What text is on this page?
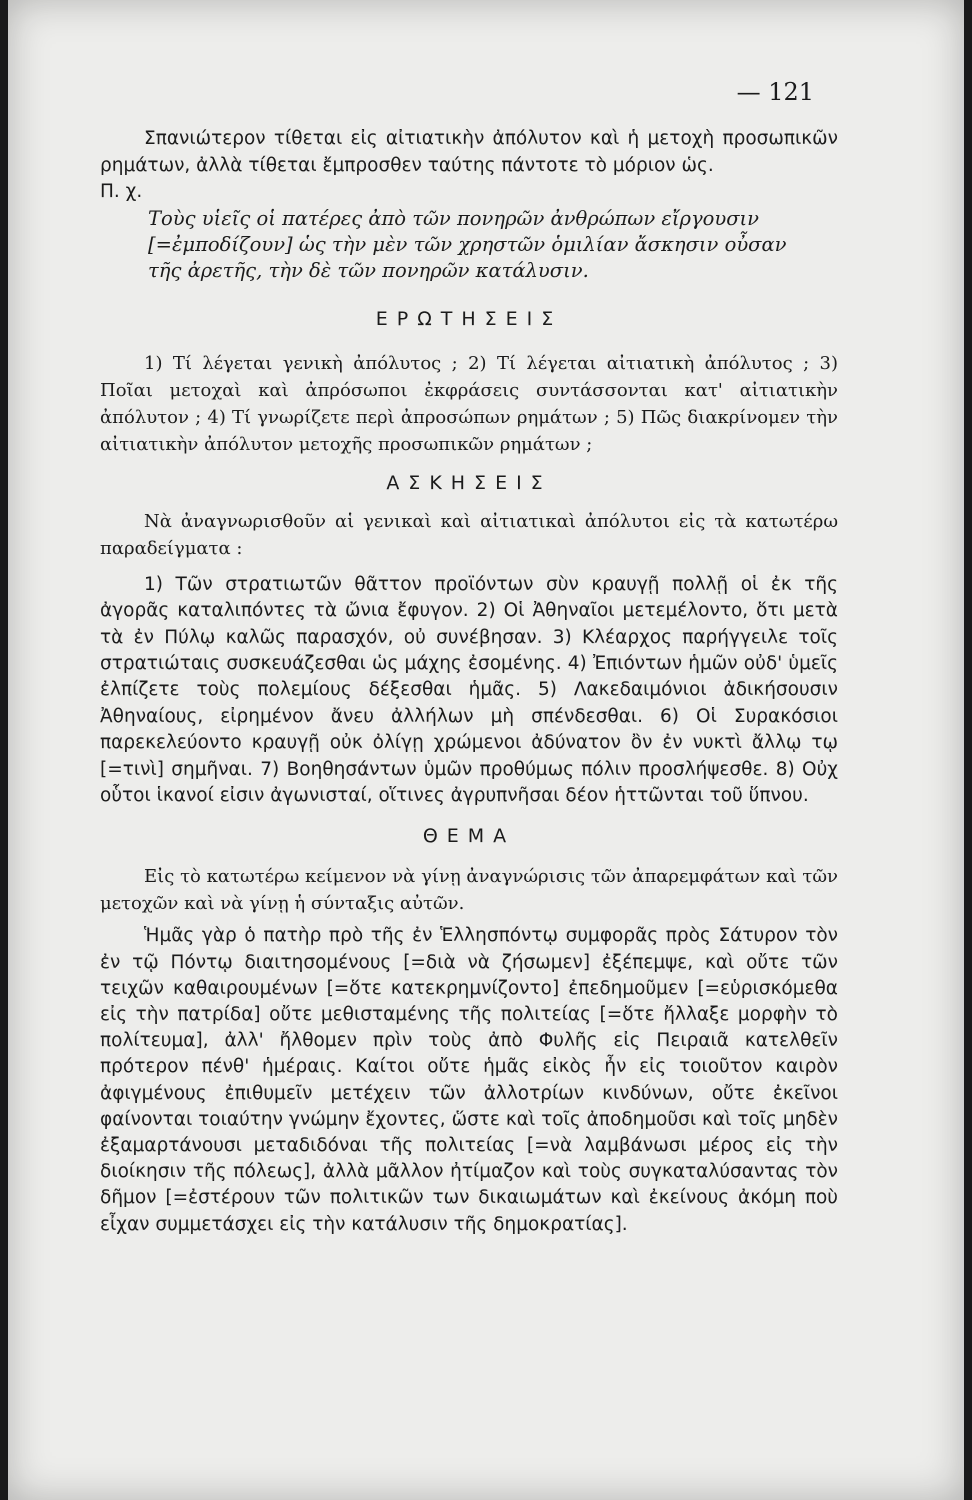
— 121

Σπανιώτερον τίθεται εἰς αἰτιατικὴν ἀπόλυτον καὶ ἡ μετοχὴ προσωπικῶν ρημάτων, ἀλλὰ τίθεται ἔμπροσθεν ταύτης πάντοτε τὸ μόριον ὡς.

Π. χ.

Τοὺς υἱεῖς οἱ πατέρες ἀπὸ τῶν πονηρῶν ἀνθρώπων εἴργουσιν

[=ἐμποδίζουν] ὡς τὴν μὲν τῶν χρηστῶν ὁμιλίαν ἄσκησιν οὖσαν

τῆς ἀρετῆς, τὴν δὲ τῶν πονηρῶν κατάλυσιν.

ΕΡΩΤΗΣΕΙΣ

1) Τί λέγεται γενικὴ ἀπόλυτος ; 2) Τί λέγεται αἰτιατικὴ ἀπόλυτος ; 3) Ποῖαι μετοχαὶ καὶ ἀπρόσωποι ἐκφράσεις συντάσσονται κατ' αἰτιατικὴν ἀπόλυτον ; 4) Τί γνωρίζετε περὶ ἀπροσώπων ρημάτων ; 5) Πῶς διακρίνομεν τὴν αἰτιατικὴν ἀπόλυτον μετοχῆς προσωπικῶν ρημάτων ;

ΑΣΚΗΣΕΙΣ

Νὰ ἀναγνωρισθοῦν αἱ γενικαὶ καὶ αἰτιατικαὶ ἀπόλυτοι εἰς τὰ κατωτέρω παραδείγματα :

1) Τῶν στρατιωτῶν θᾶττον προϊόντων σὺν κραυγῇ πολλῇ οἱ ἐκ τῆς ἀγορᾶς καταλιπόντες τὰ ὤνια ἔφυγον. 2) Οἱ Ἀθηναῖοι μετεμέλοντο, ὅτι μετὰ τὰ ἐν Πύλῳ καλῶς παρασχόν, οὐ συνέβησαν. 3) Κλέαρχος παρήγγειλε τοῖς στρατιώταις συσκευάζεσθαι ὡς μάχης ἐσομένης. 4) Ἐπιόντων ἡμῶν οὐδ' ὑμεῖς ἐλπίζετε τοὺς πολεμίους δέξεσθαι ἡμᾶς. 5) Λακεδαιμόνιοι ἀδικήσουσιν Ἀθηναίους, εἰρημένον ἄνευ ἀλλήλων μὴ σπένδεσθαι. 6) Οἱ Συρακόσιοι παρεκελεύοντο κραυγῇ οὐκ ὀλίγῃ χρώμενοι ἀδύνατον ὂν ἐν νυκτὶ ἄλλῳ τῳ [=τινὶ] σημῆναι. 7) Βοηθησάντων ὑμῶν προθύμως πόλιν προσλήψεσθε. 8) Οὐχ οὗτοι ἱκανοί εἰσιν ἀγωνισταί, οἵτινες ἀγρυπνῆσαι δέον ἡττῶνται τοῦ ὕπνου.

ΘΕΜΑ

Εἰς τὸ κατωτέρω κείμενον νὰ γίνῃ ἀναγνώρισις τῶν ἀπαρεμφάτων καὶ τῶν μετοχῶν καὶ νὰ γίνῃ ἡ σύνταξις αὐτῶν.

Ἡμᾶς γὰρ ὁ πατὴρ πρὸ τῆς ἐν Ἑλλησπόντῳ συμφορᾶς πρὸς Σάτυρον τὸν ἐν τῷ Πόντῳ διαιτησομένους [=διὰ νὰ ζήσωμεν] ἐξέπεμψε, καὶ οὔτε τῶν τειχῶν καθαιρουμένων [=ὅτε κατεκρημνίζοντο] ἐπεδημοῦμεν [=εὑρισκόμεθα εἰς τὴν πατρίδα] οὔτε μεθισταμένης τῆς πολιτείας [=ὅτε ἤλλαξε μορφὴν τὸ πολίτευμα], ἀλλ' ἤλθομεν πρὶν τοὺς ἀπὸ Φυλῆς εἰς Πειραιᾶ κατελθεῖν πρότερον πένθ' ἡμέραις. Καίτοι οὔτε ἡμᾶς εἰκὸς ἦν εἰς τοιοῦτον καιρὸν ἀφιγμένους ἐπιθυμεῖν μετέχειν τῶν ἀλλοτρίων κινδύνων, οὔτε ἐκεῖνοι φαίνονται τοιαύτην γνώμην ἔχοντες, ὥστε καὶ τοῖς ἀποδημοῦσι καὶ τοῖς μηδὲν ἐξαμαρτάνουσι μεταδιδόναι τῆς πολιτείας [=νὰ λαμβάνωσι μέρος εἰς τὴν διοίκησιν τῆς πόλεως], ἀλλὰ μᾶλλον ἠτίμαζον καὶ τοὺς συγκαταλύσαντας τὸν δῆμον [=ἐστέρουν τῶν πολιτικῶν των δικαιωμάτων καὶ ἐκείνους ἀκόμη ποὺ εἶχαν συμμετάσχει εἰς τὴν κατάλυσιν τῆς δημοκρατίας].
